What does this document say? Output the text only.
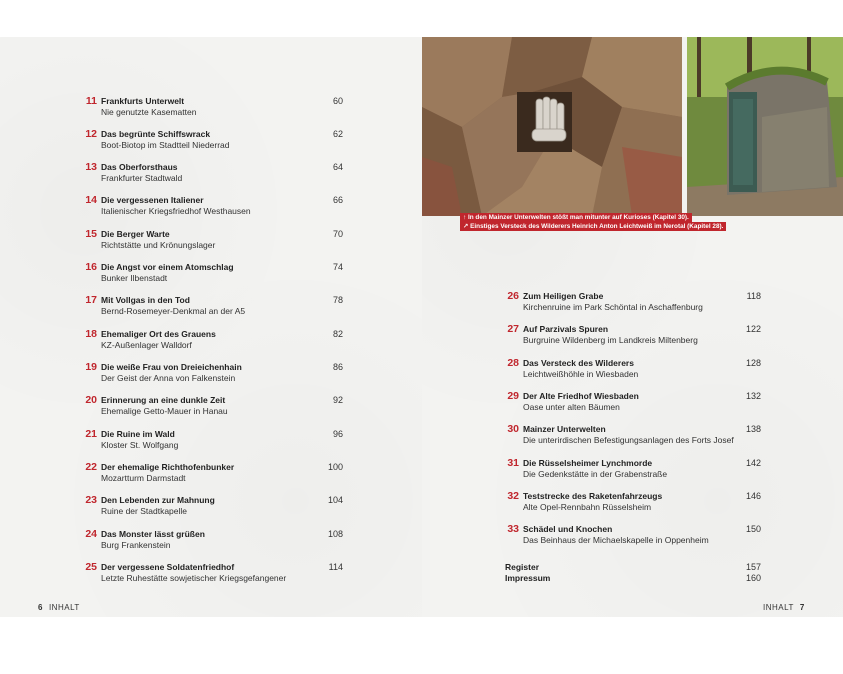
↑ In den Mainzer Unterwelten stößt man mitunter auf Kurioses (Kapitel 30).
↗ Einstiges Versteck des Wilderers Heinrich Anton Leichtweiß im Nerotal (Kapitel 28).
11 Frankfurts Unterwelt
Nie genutzte Kasematten
60
12 Das begrünte Schiffswrack
Boot-Biotop im Stadtteil Niederrad
62
13 Das Oberforsthaus
Frankfurter Stadtwald
64
14 Die vergessenen Italiener
Italienischer Kriegsfriedhof Westhausen
66
15 Die Berger Warte
Richtstätte und Krönungslager
70
16 Die Angst vor einem Atomschlag
Bunker Ilbenstadt
74
17 Mit Vollgas in den Tod
Bernd-Rosemeyer-Denkmal an der A5
78
18 Ehemaliger Ort des Grauens
KZ-Außenlager Walldorf
82
19 Die weiße Frau von Dreieichenhain
Der Geist der Anna von Falkenstein
86
20 Erinnerung an eine dunkle Zeit
Ehemalige Getto-Mauer in Hanau
92
21 Die Ruine im Wald
Kloster St. Wolfgang
96
22 Der ehemalige Richthofenbunker
Mozartturm Darmstadt
100
23 Den Lebenden zur Mahnung
Ruine der Stadtkapelle
104
24 Das Monster lässt grüßen
Burg Frankenstein
108
25 Der vergessene Soldatenfriedhof
Letzte Ruhestätte sowjetischer Kriegsgefangener
114
26 Zum Heiligen Grabe
Kirchenruine im Park Schöntal in Aschaffenburg
118
27 Auf Parzivals Spuren
Burgruine Wildenberg im Landkreis Miltenberg
122
28 Das Versteck des Wilderers
Leichtweißhöhle in Wiesbaden
128
29 Der Alte Friedhof Wiesbaden
Oase unter alten Bäumen
132
30 Mainzer Unterwelten
Die unterirdischen Befestigungsanlagen des Forts Josef
138
31 Die Rüsselsheimer Lynchmorde
Die Gedenkstätte in der Grabenstraße
142
32 Teststrecke des Raketenfahrzeugs
Alte Opel-Rennbahn Rüsselsheim
146
33 Schädel und Knochen
Das Beinhaus der Michaelskapelle in Oppenheim
150
Register	157
Impressum	160
6 INHALT	INHALT 7
